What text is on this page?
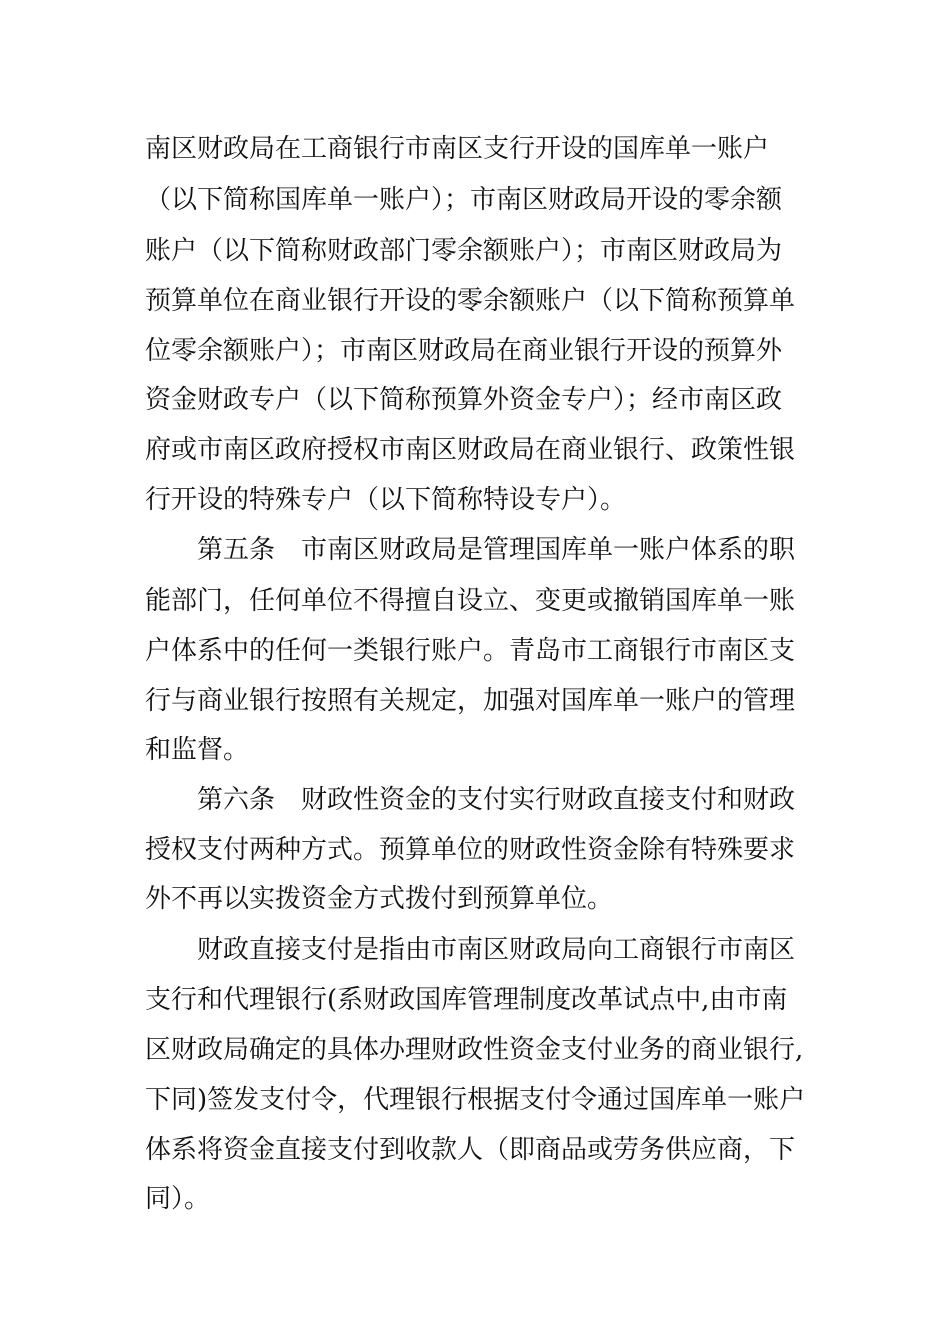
南区财政局在工商银行市南区支行开设的国库单一账户
（以下简称国库单一账户）；市南区财政局开设的零余额
账户（以下简称财政部门零余额账户）；市南区财政局为
预算单位在商业银行开设的零余额账户（以下简称预算单
位零余额账户）；市南区财政局在商业银行开设的预算外
资金财政专户（以下简称预算外资金专户）；经市南区政
府或市南区政府授权市南区财政局在商业银行、政策性银
行开设的特殊专户（以下简称特设专户）。
第五条　市南区财政局是管理国库单一账户体系的职
能部门，任何单位不得擅自设立、变更或撤销国库单一账
户体系中的任何一类银行账户。青岛市工商银行市南区支
行与商业银行按照有关规定，加强对国库单一账户的管理
和监督。
第六条　财政性资金的支付实行财政直接支付和财政
授权支付两种方式。预算单位的财政性资金除有特殊要求
外不再以实拨资金方式拨付到预算单位。
财政直接支付是指由市南区财政局向工商银行市南区
支行和代理银行(系财政国库管理制度改革试点中,由市南
区财政局确定的具体办理财政性资金支付业务的商业银行,
下同)签发支付令，代理银行根据支付令通过国库单一账户
体系将资金直接支付到收款人（即商品或劳务供应商，下
同）。
